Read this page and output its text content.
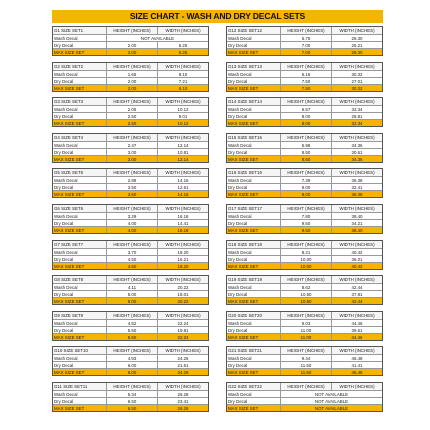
SIZE CHART - WASH AND DRY DECAL SETS
G1 SIZE SET1	HEIGHT (INCHES)	WIDTH (INCHES)
Wash Decal	NOT AVAILABLE
Dry Decal	2.00	5.25
MAX SIZE SET	2.00	5.25
G2 SIZE SET2	HEIGHT (INCHES)	WIDTH (INCHES)
Wash Decal	1.65	8.10
Dry Decal	2.00	7.21
MAX SIZE SET	2.00	8.10
G3 SIZE SET3	HEIGHT (INCHES)	WIDTH (INCHES)
Wash Decal	2.06	10.12
Dry Decal	2.50	9.01
MAX SIZE SET	2.50	10.12
G4 SIZE SET4	HEIGHT (INCHES)	WIDTH (INCHES)
Wash Decal	2.47	12.14
Dry Decal	3.00	10.81
MAX SIZE SET	3.00	12.14
G5 SIZE SET5	HEIGHT (INCHES)	WIDTH (INCHES)
Wash Decal	2.88	14.16
Dry Decal	3.50	12.61
MAX SIZE SET	3.50	14.16
G6 SIZE SET6	HEIGHT (INCHES)	WIDTH (INCHES)
Wash Decal	3.29	16.18
Dry Decal	4.00	14.41
MAX SIZE SET	4.00	16.18
G7 SIZE SET7	HEIGHT (INCHES)	WIDTH (INCHES)
Wash Decal	3.70	18.20
Dry Decal	4.50	16.21
MAX SIZE SET	4.50	18.20
G8 SIZE SET8	HEIGHT (INCHES)	WIDTH (INCHES)
Wash Decal	4.11	20.22
Dry Decal	5.00	18.01
MAX SIZE SET	5.00	20.22
G9 SIZE SET9	HEIGHT (INCHES)	WIDTH (INCHES)
Wash Decal	4.52	22.24
Dry Decal	5.50	19.81
MAX SIZE SET	5.50	22.24
G10 SIZE SET10	HEIGHT (INCHES)	WIDTH (INCHES)
Wash Decal	4.93	24.26
Dry Decal	6.00	21.61
MAX SIZE SET	6.00	24.26
G11 SIZE SET11	HEIGHT (INCHES)	WIDTH (INCHES)
Wash Decal	5.34	26.28
Dry Decal	6.50	23.41
MAX SIZE SET	6.50	26.28
G12 SIZE SET12	HEIGHT (INCHES)	WIDTH (INCHES)
Wash Decal	5.75	28.30
Dry Decal	7.00	25.21
MAX SIZE SET	7.00	28.30
G13 SIZE SET13	HEIGHT (INCHES)	WIDTH (INCHES)
Wash Decal	6.16	30.32
Dry Decal	7.50	27.01
MAX SIZE SET	7.50	30.32
G14 SIZE SET14	HEIGHT (INCHES)	WIDTH (INCHES)
Wash Decal	6.57	32.34
Dry Decal	8.00	28.81
MAX SIZE SET	8.00	32.34
G15 SIZE SET15	HEIGHT (INCHES)	WIDTH (INCHES)
Wash Decal	6.98	34.36
Dry Decal	8.50	30.61
MAX SIZE SET	8.50	34.36
G16 SIZE SET16	HEIGHT (INCHES)	WIDTH (INCHES)
Wash Decal	7.39	36.38
Dry Decal	9.00	32.41
MAX SIZE SET	9.00	36.38
G17 SIZE SET17	HEIGHT (INCHES)	WIDTH (INCHES)
Wash Decal	7.80	38.40
Dry Decal	9.50	34.21
MAX SIZE SET	9.50	38.40
G18 SIZE SET18	HEIGHT (INCHES)	WIDTH (INCHES)
Wash Decal	8.21	40.42
Dry Decal	10.00	36.01
MAX SIZE SET	10.00	40.42
G19 SIZE SET19	HEIGHT (INCHES)	WIDTH (INCHES)
Wash Decal	8.62	42.44
Dry Decal	10.50	37.81
MAX SIZE SET	10.50	42.44
G20 SIZE SET20	HEIGHT (INCHES)	WIDTH (INCHES)
Wash Decal	9.03	44.46
Dry Decal	11.00	39.61
MAX SIZE SET	11.00	44.46
G21 SIZE SET21	HEIGHT (INCHES)	WIDTH (INCHES)
Wash Decal	9.44	46.48
Dry Decal	11.50	41.41
MAX SIZE SET	11.50	46.48
G22 SIZE SET22	HEIGHT (INCHES)	WIDTH (INCHES)
Wash Decal	NOT AVAILABLE
Dry Decal	NOT AVAILABLE
MAX SIZE SET	NOT AVAILABLE
